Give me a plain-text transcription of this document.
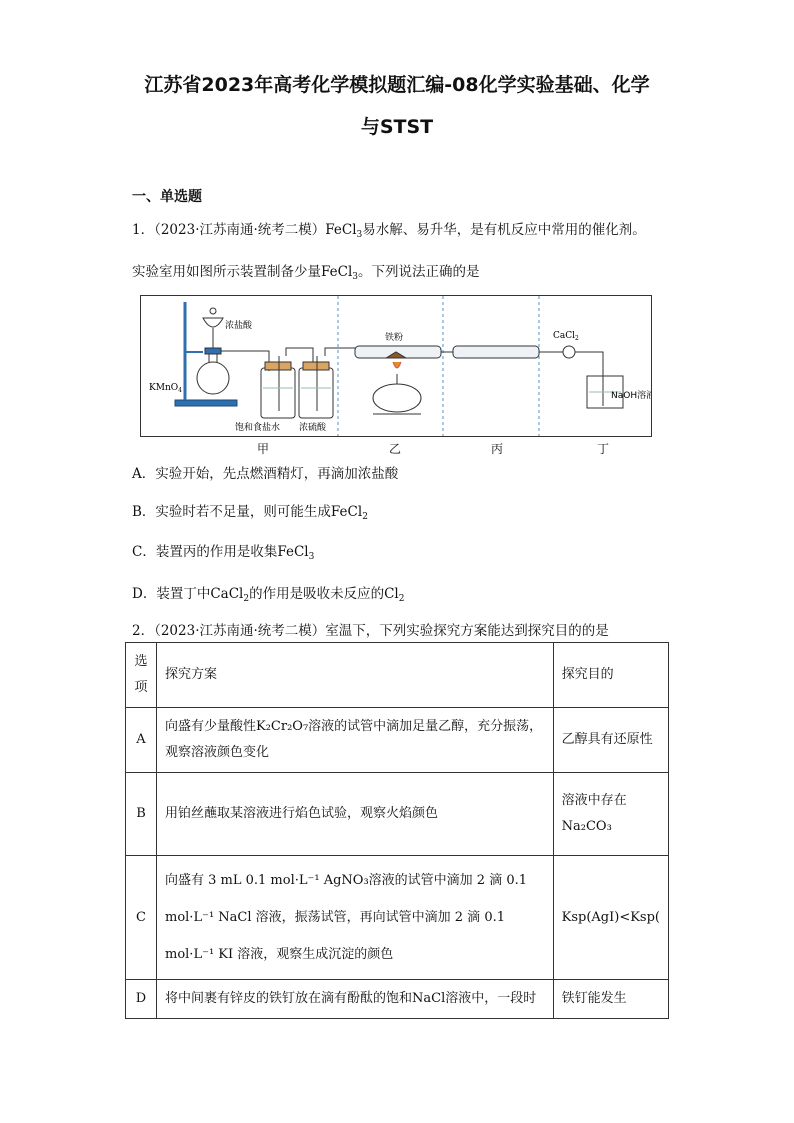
江苏省2023年高考化学模拟题汇编-08化学实验基础、化学
与STST
一、单选题
1．（2023·江苏南通·统考二模）FeCl$_3$易水解、易升华，是有机反应中常用的催化剂。
实验室用如图所示装置制备少量FeCl$_3$。下列说法正确的是
KMnO$_4$
浓盐酸
饱和食盐水 浓硫酸
铁粉	CaCl$_2$
NaOH溶液
甲	乙	丙	丁
A．实验开始，先点燃酒精灯，再滴加浓盐酸
B．实验时若不足量，则可能生成FeCl$_2$
C．装置丙的作用是收集FeCl$_3$
D．装置丁中CaCl$_2$的作用是吸收未反应的$Cl_2$
2．（2023·江苏南通·统考二模）室温下，下列实验探究方案能达到探究目的的是
选项	探究方案	探究目的
A	向盛有少量酸性K₂Cr₂O₇溶液的试管中滴加足量乙醇，充分振荡，观察溶液颜色变化	乙醇具有还原性
B	用铂丝蘸取某溶液进行焰色试验，观察火焰颜色	溶液中存在 Na₂CO₃
C	向盛有 3 mL 0.1 mol·L⁻¹ AgNO₃溶液的试管中滴加 2 滴 0.1 mol·L⁻¹ NaCl 溶液，振荡试管，再向试管中滴加 2 滴 0.1 mol·L⁻¹ KI 溶液，观察生成沉淀的颜色	Ksp(AgI)<Ksp(
D	将中间裹有锌皮的铁钉放在滴有酚酞的饱和NaCl溶液中，一段时	铁钉能发生
